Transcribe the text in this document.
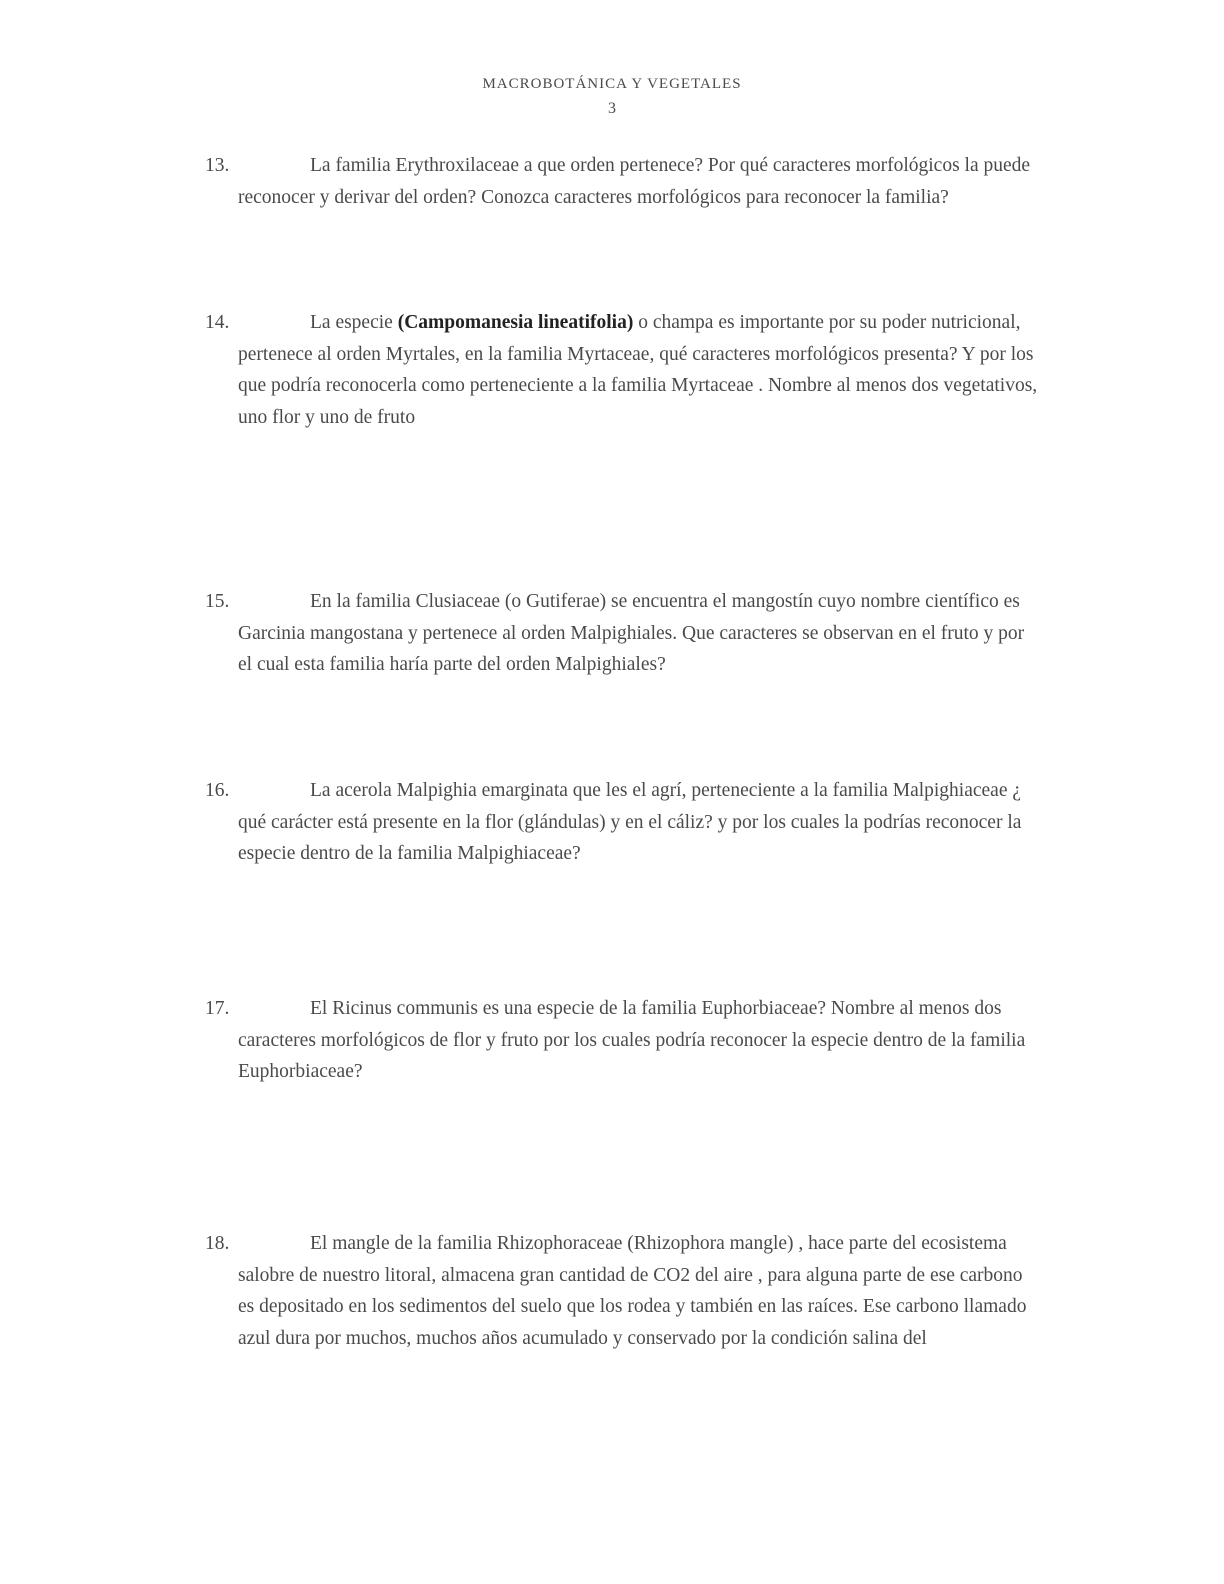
MACROBOTÁNICA Y VEGETALES
3
13.	La familia Erythroxilaceae a que orden pertenece? Por qué caracteres morfológicos la puede reconocer y derivar del orden? Conozca caracteres morfológicos para reconocer la familia?
14.	La especie (Campomanesia lineatifolia) o champa es importante por su poder nutricional, pertenece al orden Myrtales, en la familia Myrtaceae, qué caracteres morfológicos presenta? Y por los que podría reconocerla como perteneciente a la familia Myrtaceae . Nombre al menos dos vegetativos, uno flor y uno de fruto
15.	En la familia Clusiaceae (o Gutiferae) se encuentra el mangostín cuyo nombre científico es Garcinia mangostana y pertenece al orden Malpighiales. Que caracteres se observan en el fruto y por el cual esta familia haría parte del orden Malpighiales?
16.	La acerola Malpighia emarginata que les el agrí, perteneciente a la familia Malpighiaceae ¿ qué carácter está presente en la flor (glándulas) y en el cáliz? y por los cuales la podrías reconocer la especie dentro de la familia Malpighiaceae?
17.	El Ricinus communis es una especie de la familia Euphorbiaceae? Nombre al menos dos caracteres morfológicos de flor y fruto por los cuales podría reconocer la especie dentro de la familia Euphorbiaceae?
18.	El mangle de la familia Rhizophoraceae (Rhizophora mangle) , hace parte del ecosistema salobre de nuestro litoral, almacena gran cantidad de CO2 del aire , para alguna parte de ese carbono es depositado en los sedimentos del suelo que los rodea y también en las raíces. Ese carbono llamado azul dura por muchos, muchos años acumulado y conservado por la condición salina del
